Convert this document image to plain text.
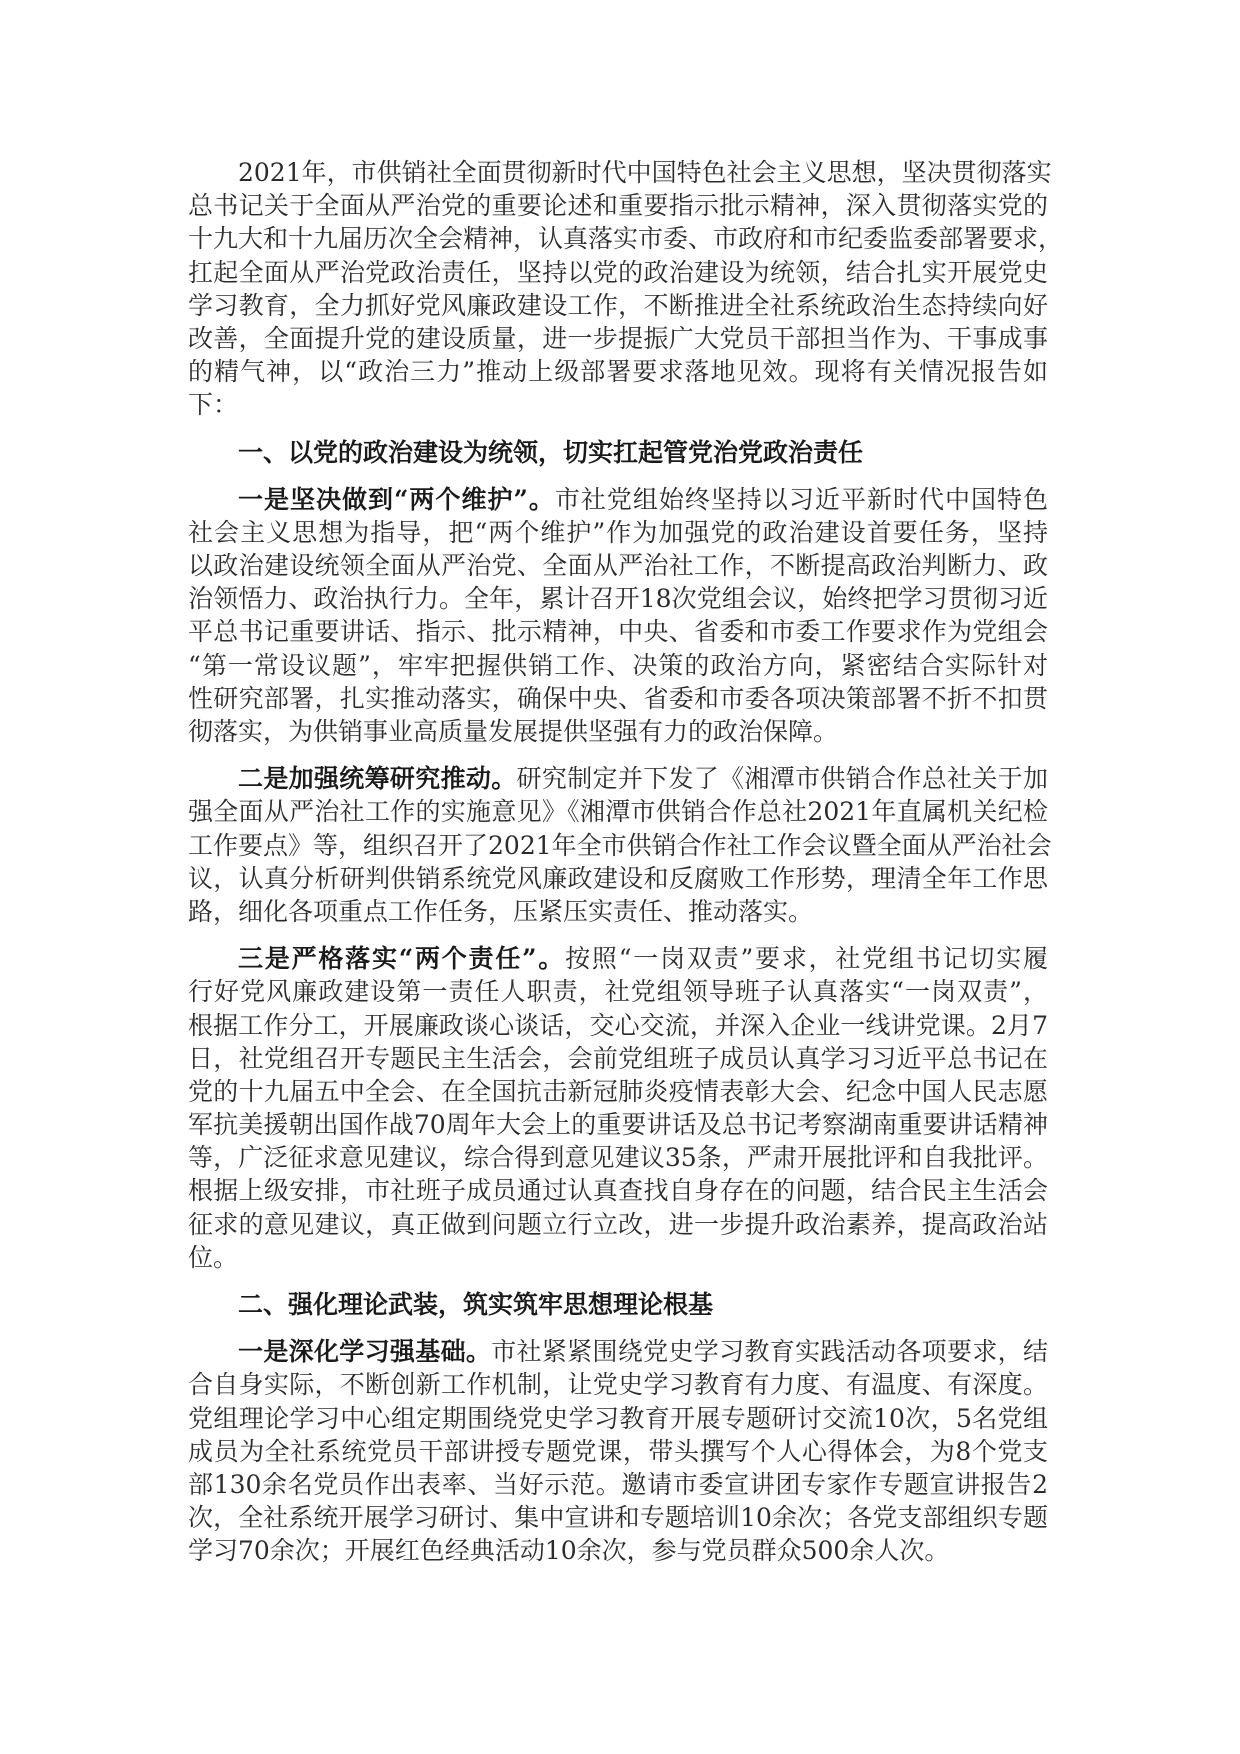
2021年，市供销社全面贯彻新时代中国特色社会主义思想，坚决贯彻落实
总书记关于全面从严治党的重要论述和重要指示批示精神，深入贯彻落实党的
十九大和十九届历次全会精神，认真落实市委、市政府和市纪委监委部署要求，
扛起全面从严治党政治责任，坚持以党的政治建设为统领，结合扎实开展党史
学习教育，全力抓好党风廉政建设工作，不断推进全社系统政治生态持续向好
改善，全面提升党的建设质量，进一步提振广大党员干部担当作为、干事成事
的精气神，以“政治三力”推动上级部署要求落地见效。现将有关情况报告如
下：
一、以党的政治建设为统领，切实扛起管党治党政治责任
一是坚决做到“两个维护”。市社党组始终坚持以习近平新时代中国特色
社会主义思想为指导，把“两个维护”作为加强党的政治建设首要任务，坚持
以政治建设统领全面从严治党、全面从严治社工作，不断提高政治判断力、政
治领悟力、政治执行力。全年，累计召开18次党组会议，始终把学习贯彻习近
平总书记重要讲话、指示、批示精神，中央、省委和市委工作要求作为党组会
“第一常设议题”，牢牢把握供销工作、决策的政治方向，紧密结合实际针对
性研究部署，扎实推动落实，确保中央、省委和市委各项决策部署不折不扣贯
彻落实，为供销事业高质量发展提供坚强有力的政治保障。
二是加强统筹研究推动。研究制定并下发了《湘潭市供销合作总社关于加
强全面从严治社工作的实施意见》《湘潭市供销合作总社2021年直属机关纪检
工作要点》等，组织召开了2021年全市供销合作社工作会议暨全面从严治社会
议，认真分析研判供销系统党风廉政建设和反腐败工作形势，理清全年工作思
路，细化各项重点工作任务，压紧压实责任、推动落实。
三是严格落实“两个责任”。按照“一岗双责”要求，社党组书记切实履
行好党风廉政建设第一责任人职责，社党组领导班子认真落实“一岗双责”，
根据工作分工，开展廉政谈心谈话，交心交流，并深入企业一线讲党课。2月7
日，社党组召开专题民主生活会，会前党组班子成员认真学习习近平总书记在
党的十九届五中全会、在全国抗击新冠肺炎疫情表彰大会、纪念中国人民志愿
军抗美援朝出国作战70周年大会上的重要讲话及总书记考察湖南重要讲话精神
等，广泛征求意见建议，综合得到意见建议35条，严肃开展批评和自我批评。
根据上级安排，市社班子成员通过认真查找自身存在的问题，结合民主生活会
征求的意见建议，真正做到问题立行立改，进一步提升政治素养，提高政治站
位。
二、强化理论武装，筑实筑牢思想理论根基
一是深化学习强基础。市社紧紧围绕党史学习教育实践活动各项要求，结
合自身实际，不断创新工作机制，让党史学习教育有力度、有温度、有深度。
党组理论学习中心组定期围绕党史学习教育开展专题研讨交流10次，5名党组
成员为全社系统党员干部讲授专题党课，带头撰写个人心得体会，为8个党支
部130余名党员作出表率、当好示范。邀请市委宣讲团专家作专题宣讲报告2
次，全社系统开展学习研讨、集中宣讲和专题培训10余次；各党支部组织专题
学习70余次；开展红色经典活动10余次，参与党员群众500余人次。
